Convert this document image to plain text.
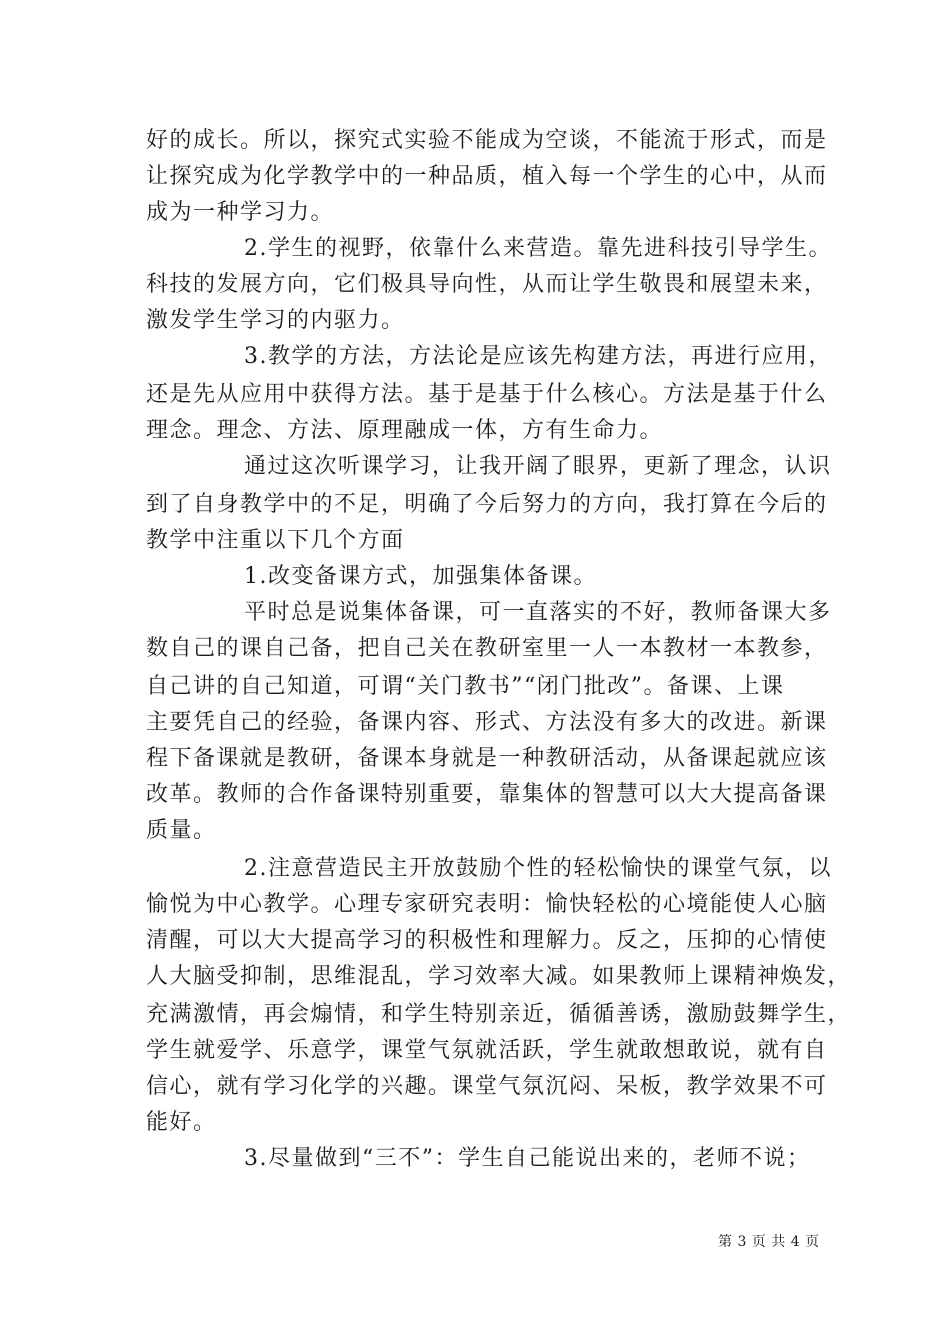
好的成长。所以，探究式实验不能成为空谈，不能流于形式，而是
让探究成为化学教学中的一种品质，植入每一个学生的心中，从而
成为一种学习力。
2.学生的视野，依靠什么来营造。靠先进科技引导学生。
科技的发展方向，它们极具导向性，从而让学生敬畏和展望未来，
激发学生学习的内驱力。
3.教学的方法，方法论是应该先构建方法，再进行应用，
还是先从应用中获得方法。基于是基于什么核心。方法是基于什么
理念。理念、方法、原理融成一体，方有生命力。
通过这次听课学习，让我开阔了眼界，更新了理念，认识
到了自身教学中的不足，明确了今后努力的方向，我打算在今后的
教学中注重以下几个方面
1.改变备课方式，加强集体备课。
平时总是说集体备课，可一直落实的不好，教师备课大多
数自己的课自己备，把自己关在教研室里一人一本教材一本教参，
自己讲的自己知道，可谓“关门教书”“闭门批改”。备课、上课
主要凭自己的经验，备课内容、形式、方法没有多大的改进。新课
程下备课就是教研，备课本身就是一种教研活动，从备课起就应该
改革。教师的合作备课特别重要，靠集体的智慧可以大大提高备课
质量。
2.注意营造民主开放鼓励个性的轻松愉快的课堂气氛，以
愉悦为中心教学。心理专家研究表明：愉快轻松的心境能使人心脑
清醒，可以大大提高学习的积极性和理解力。反之，压抑的心情使
人大脑受抑制，思维混乱，学习效率大减。如果教师上课精神焕发，
充满激情，再会煽情，和学生特别亲近，循循善诱，激励鼓舞学生，
学生就爱学、乐意学，课堂气氛就活跃，学生就敢想敢说，就有自
信心，就有学习化学的兴趣。课堂气氛沉闷、呆板，教学效果不可
能好。
3.尽量做到“三不”：学生自己能说出来的，老师不说；
第 3 页 共 4 页
